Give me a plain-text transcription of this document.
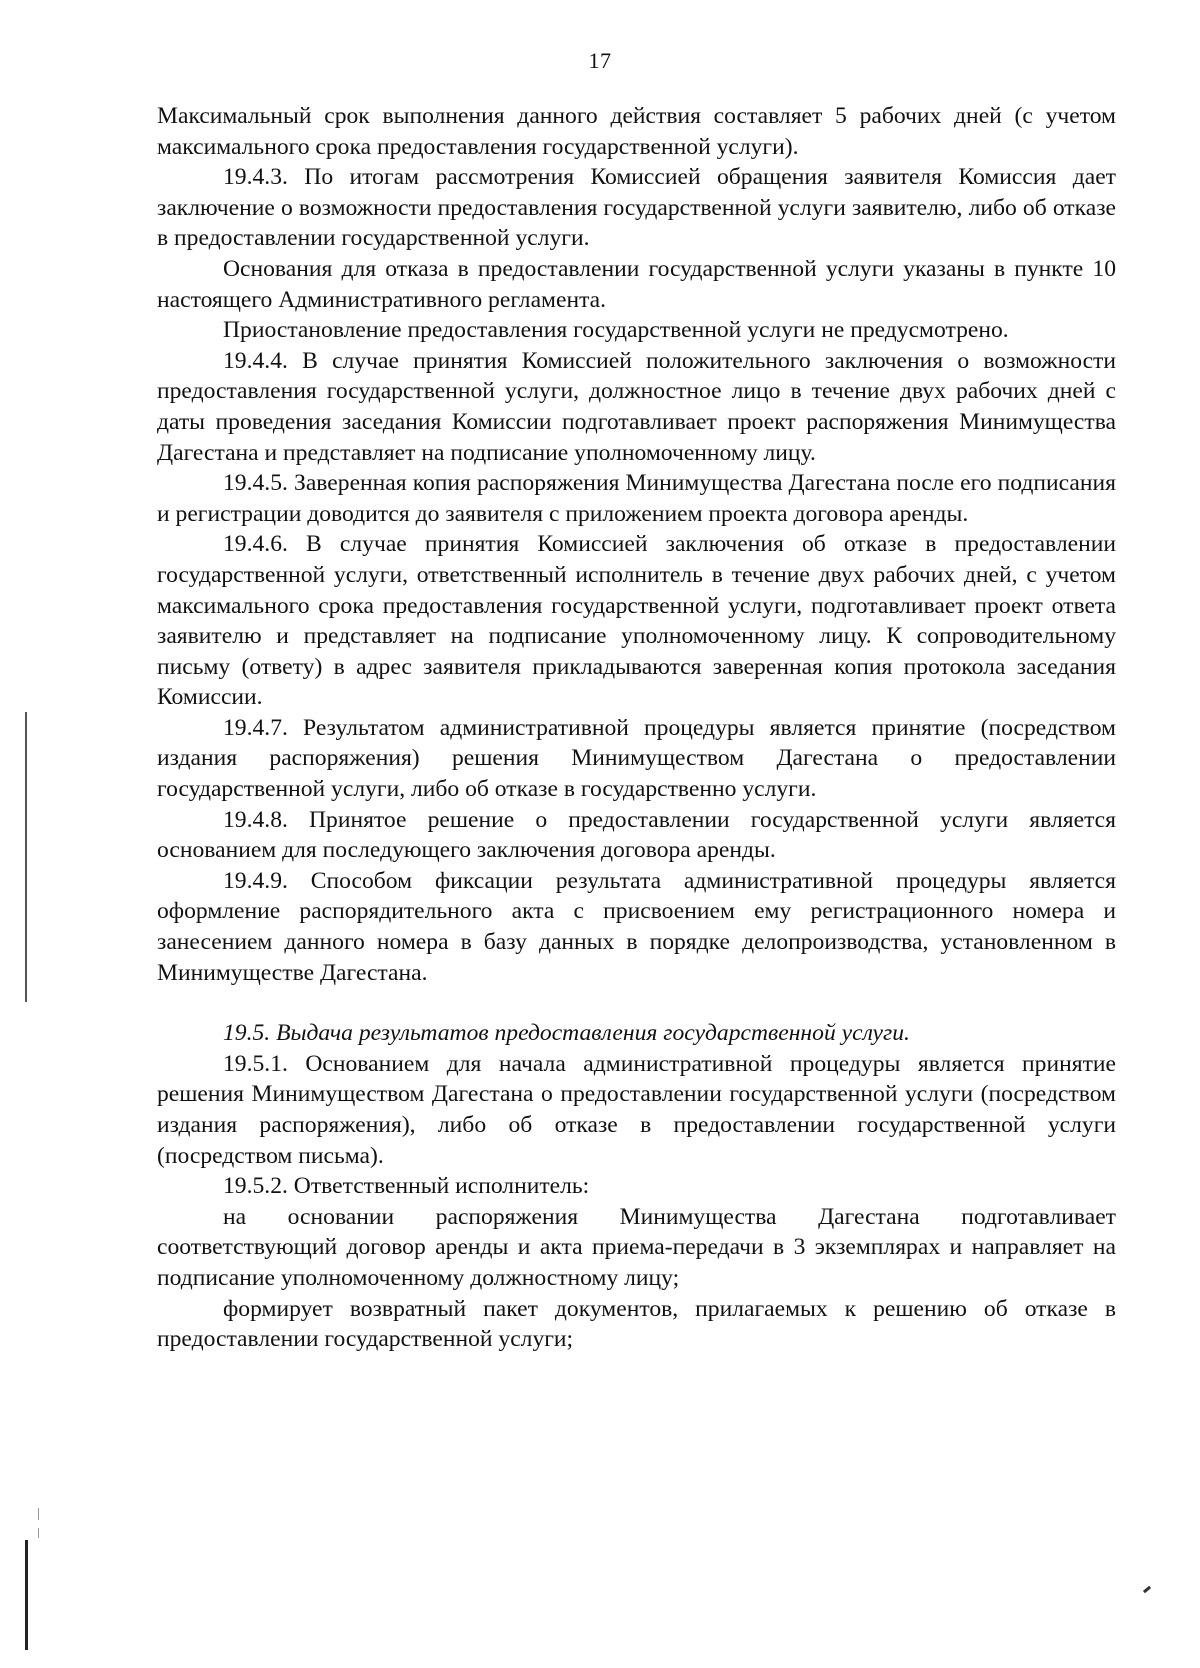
17

Максимальный срок выполнения данного действия составляет 5 рабочих дней (с учетом максимального срока предоставления государственной услуги).

19.4.3. По итогам рассмотрения Комиссией обращения заявителя Комиссия дает заключение о возможности предоставления государственной услуги заявителю, либо об отказе в предоставлении государственной услуги.

Основания для отказа в предоставлении государственной услуги указаны в пункте 10 настоящего Административного регламента.

Приостановление предоставления государственной услуги не предусмотрено.

19.4.4. В случае принятия Комиссией положительного заключения о возможности предоставления государственной услуги, должностное лицо в течение двух рабочих дней с даты проведения заседания Комиссии подготавливает проект распоряжения Минимущества Дагестана и представляет на подписание уполномоченному лицу.

19.4.5. Заверенная копия распоряжения Минимущества Дагестана после его подписания и регистрации доводится до заявителя с приложением проекта договора аренды.

19.4.6. В случае принятия Комиссией заключения об отказе в предоставлении государственной услуги, ответственный исполнитель в течение двух рабочих дней, с учетом максимального срока предоставления государственной услуги, подготавливает проект ответа заявителю и представляет на подписание уполномоченному лицу. К сопроводительному письму (ответу) в адрес заявителя прикладываются заверенная копия протокола заседания Комиссии.

19.4.7. Результатом административной процедуры является принятие (посредством издания распоряжения) решения Минимуществом Дагестана о предоставлении государственной услуги, либо об отказе в государственно услуги.

19.4.8. Принятое решение о предоставлении государственной услуги является основанием для последующего заключения договора аренды.

19.4.9. Способом фиксации результата административной процедуры является оформление распорядительного акта с присвоением ему регистрационного номера и занесением данного номера в базу данных в порядке делопроизводства, установленном в Минимуществе Дагестана.

19.5. Выдача результатов предоставления государственной услуги.

19.5.1. Основанием для начала административной процедуры является принятие решения Минимуществом Дагестана о предоставлении государственной услуги (посредством издания распоряжения), либо об отказе в предоставлении государственной услуги (посредством письма).

19.5.2. Ответственный исполнитель:

на основании распоряжения Минимущества Дагестана подготавливает соответствующий договор аренды и акта приема-передачи в 3 экземплярах и направляет на подписание уполномоченному должностному лицу;

формирует возвратный пакет документов, прилагаемых к решению об отказе в предоставлении государственной услуги;
